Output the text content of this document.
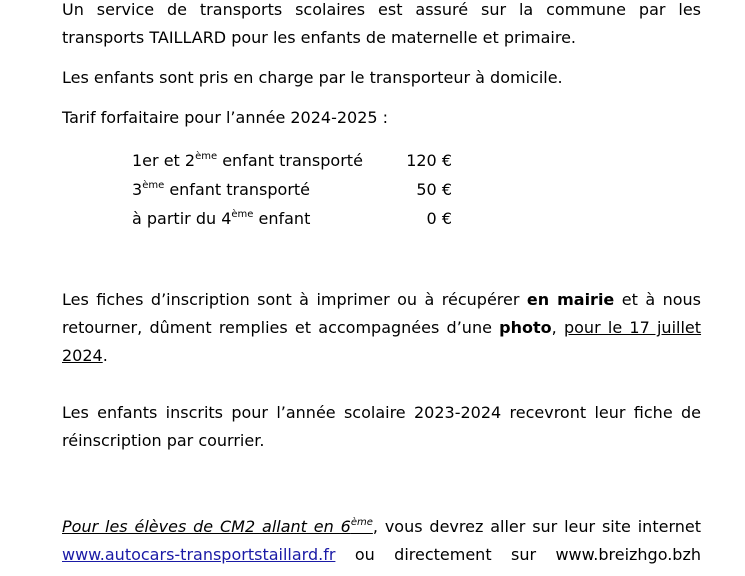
Un service de transports scolaires est assuré sur la commune par les
transports TAILLARD pour les enfants de maternelle et primaire.
Les enfants sont pris en charge par le transporteur à domicile.
Tarif forfaitaire pour l’année 2024-2025 :
1er et 2ème enfant transporté	120 €
3ème enfant transporté	50 €
à partir du 4ème enfant	0 €
Les fiches d’inscription sont à imprimer ou à récupérer en mairie et à nous
retourner, dûment remplies et accompagnées d’une photo, pour le 17 juillet
2024.
Les enfants inscrits pour l’année scolaire 2023-2024 recevront leur fiche de
réinscription par courrier.
Pour les élèves de CM2 allant en 6ème, vous devrez aller sur leur site internet
www.autocars-transportstaillard.fr ou directement sur www.breizhgo.bzh
